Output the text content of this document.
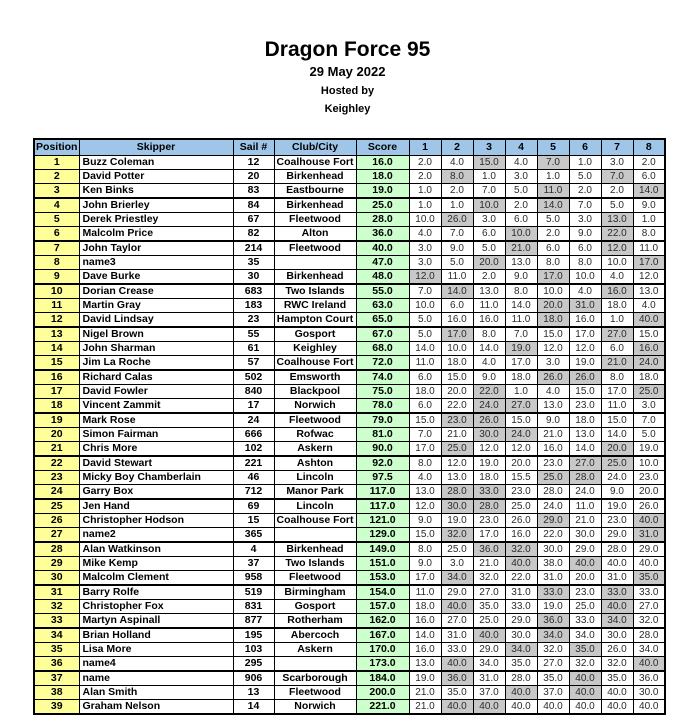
Dragon Force 95
29 May 2022
Hosted by
Keighley
Position	Skipper	Sail #	Club/City	Score	1	2	3	4	5	6	7	8
1	Buzz Coleman	12	Coalhouse Fort	16.0	2.0	4.0	15.0	4.0	7.0	1.0	3.0	2.0
2	David Potter	20	Birkenhead	18.0	2.0	8.0	1.0	3.0	1.0	5.0	7.0	6.0
3	Ken Binks	83	Eastbourne	19.0	1.0	2.0	7.0	5.0	11.0	2.0	2.0	14.0
4	John Brierley	84	Birkenhead	25.0	1.0	1.0	10.0	2.0	14.0	7.0	5.0	9.0
5	Derek Priestley	67	Fleetwood	28.0	10.0	26.0	3.0	6.0	5.0	3.0	13.0	1.0
6	Malcolm Price	82	Alton	36.0	4.0	7.0	6.0	10.0	2.0	9.0	22.0	8.0
7	John Taylor	214	Fleetwood	40.0	3.0	9.0	5.0	21.0	6.0	6.0	12.0	11.0
8	name3	35		47.0	3.0	5.0	20.0	13.0	8.0	8.0	10.0	17.0
9	Dave Burke	30	Birkenhead	48.0	12.0	11.0	2.0	9.0	17.0	10.0	4.0	12.0
10	Dorian Crease	683	Two Islands	55.0	7.0	14.0	13.0	8.0	10.0	4.0	16.0	13.0
11	Martin Gray	183	RWC Ireland	63.0	10.0	6.0	11.0	14.0	20.0	31.0	18.0	4.0
12	David Lindsay	23	Hampton Court	65.0	5.0	16.0	16.0	11.0	18.0	16.0	1.0	40.0
13	Nigel Brown	55	Gosport	67.0	5.0	17.0	8.0	7.0	15.0	17.0	27.0	15.0
14	John Sharman	61	Keighley	68.0	14.0	10.0	14.0	19.0	12.0	12.0	6.0	16.0
15	Jim La Roche	57	Coalhouse Fort	72.0	11.0	18.0	4.0	17.0	3.0	19.0	21.0	24.0
16	Richard Calas	502	Emsworth	74.0	6.0	15.0	9.0	18.0	26.0	26.0	8.0	18.0
17	David Fowler	840	Blackpool	75.0	18.0	20.0	22.0	1.0	4.0	15.0	17.0	25.0
18	Vincent Zammit	17	Norwich	78.0	6.0	22.0	24.0	27.0	13.0	23.0	11.0	3.0
19	Mark Rose	24	Fleetwood	79.0	15.0	23.0	26.0	15.0	9.0	18.0	15.0	7.0
20	Simon Fairman	666	Rofwac	81.0	7.0	21.0	30.0	24.0	21.0	13.0	14.0	5.0
21	Chris More	102	Askern	90.0	17.0	25.0	12.0	12.0	16.0	14.0	20.0	19.0
22	David Stewart	221	Ashton	92.0	8.0	12.0	19.0	20.0	23.0	27.0	25.0	10.0
23	Micky Boy Chamberlain	46	Lincoln	97.5	4.0	13.0	18.0	15.5	25.0	28.0	24.0	23.0
24	Garry Box	712	Manor Park	117.0	13.0	28.0	33.0	23.0	28.0	24.0	9.0	20.0
25	Jen Hand	69	Lincoln	117.0	12.0	30.0	28.0	25.0	24.0	11.0	19.0	26.0
26	Christopher Hodson	15	Coalhouse Fort	121.0	9.0	19.0	23.0	26.0	29.0	21.0	23.0	40.0
27	name2	365		129.0	15.0	32.0	17.0	16.0	22.0	30.0	29.0	31.0
28	Alan Watkinson	4	Birkenhead	149.0	8.0	25.0	36.0	32.0	30.0	29.0	28.0	29.0
29	Mike Kemp	37	Two Islands	151.0	9.0	3.0	21.0	40.0	38.0	40.0	40.0	40.0
30	Malcolm Clement	958	Fleetwood	153.0	17.0	34.0	32.0	22.0	31.0	20.0	31.0	35.0
31	Barry Rolfe	519	Birmingham	154.0	11.0	29.0	27.0	31.0	33.0	23.0	33.0	33.0
32	Christopher Fox	831	Gosport	157.0	18.0	40.0	35.0	33.0	19.0	25.0	40.0	27.0
33	Martyn Aspinall	877	Rotherham	162.0	16.0	27.0	25.0	29.0	36.0	33.0	34.0	32.0
34	Brian Holland	195	Abercoch	167.0	14.0	31.0	40.0	30.0	34.0	34.0	30.0	28.0
35	Lisa More	103	Askern	170.0	16.0	33.0	29.0	34.0	32.0	35.0	26.0	34.0
36	name4	295		173.0	13.0	40.0	34.0	35.0	27.0	32.0	32.0	40.0
37	name	906	Scarborough	184.0	19.0	36.0	31.0	28.0	35.0	40.0	35.0	36.0
38	Alan Smith	13	Fleetwood	200.0	21.0	35.0	37.0	40.0	37.0	40.0	40.0	30.0
39	Graham Nelson	14	Norwich	221.0	21.0	40.0	40.0	40.0	40.0	40.0	40.0	40.0
